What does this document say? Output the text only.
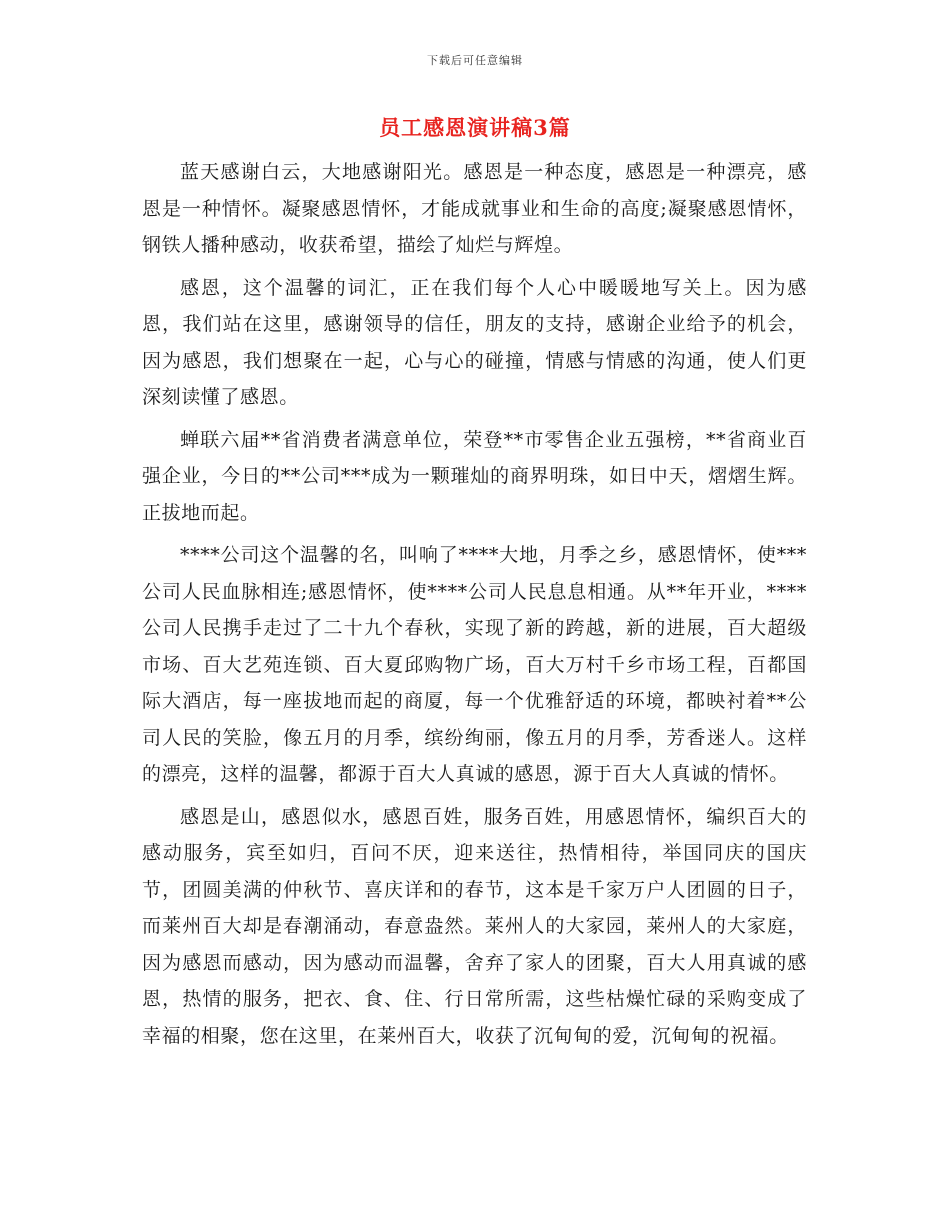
下载后可任意编辑
员工感恩演讲稿3篇

蓝天感谢白云，大地感谢阳光。感恩是一种态度，感恩是一种漂亮，感恩是一种情怀。凝聚感恩情怀，才能成就事业和生命的高度;凝聚感恩情怀，钢铁人播种感动，收获希望，描绘了灿烂与辉煌。

感恩，这个温馨的词汇，正在我们每个人心中暖暖地写关上。因为感恩，我们站在这里，感谢领导的信任，朋友的支持，感谢企业给予的机会，因为感恩，我们想聚在一起，心与心的碰撞，情感与情感的沟通，使人们更深刻读懂了感恩。

蝉联六届**省消费者满意单位，荣登**市零售企业五强榜，**省商业百强企业，今日的**公司***成为一颗璀灿的商界明珠，如日中天，熠熠生辉。正拔地而起。

****公司这个温馨的名，叫响了****大地，月季之乡，感恩情怀，使***公司人民血脉相连;感恩情怀，使****公司人民息息相通。从**年开业，****公司人民携手走过了二十九个春秋，实现了新的跨越，新的进展，百大超级市场、百大艺苑连锁、百大夏邱购物广场，百大万村千乡市场工程，百都国际大酒店，每一座拔地而起的商厦，每一个优雅舒适的环境，都映衬着**公司人民的笑脸，像五月的月季，缤纷绚丽，像五月的月季，芳香迷人。这样的漂亮，这样的温馨，都源于百大人真诚的感恩，源于百大人真诚的情怀。

感恩是山，感恩似水，感恩百姓，服务百姓，用感恩情怀，编织百大的感动服务，宾至如归，百问不厌，迎来送往，热情相待，举国同庆的国庆节，团圆美满的仲秋节、喜庆详和的春节，这本是千家万户人团圆的日子，而莱州百大却是春潮涌动，春意盎然。莱州人的大家园，莱州人的大家庭，因为感恩而感动，因为感动而温馨，舍弃了家人的团聚，百大人用真诚的感恩，热情的服务，把衣、食、住、行日常所需，这些枯燥忙碌的采购变成了幸福的相聚，您在这里，在莱州百大，收获了沉甸甸的爱，沉甸甸的祝福。
